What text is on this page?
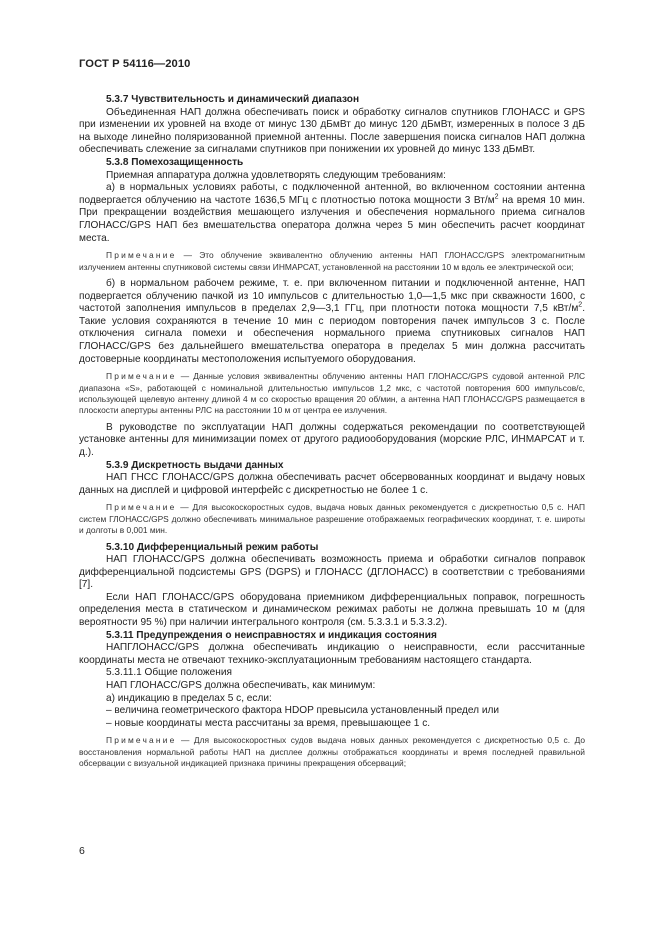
ГОСТ Р 54116—2010

5.3.7 Чувствительность и динамический диапазон

Объединенная НАП должна обеспечивать поиск и обработку сигналов спутников ГЛОНАСС и GPS при изменении их уровней на входе от минус 130 дБмВт до минус 120 дБмВт, измеренных в полосе 3 дБ на выходе линейно поляризованной приемной антенны. После завершения поиска сигналов НАП должна обеспечивать слежение за сигналами спутников при понижении их уровней до минус 133 дБмВт.

5.3.8 Помехозащищенность

Приемная аппаратура должна удовлетворять следующим требованиям:

а) в нормальных условиях работы, с подключенной антенной, во включенном состоянии антенна подвергается облучению на частоте 1636,5 МГц с плотностью потока мощности 3 $Вт/м^2$ на время 10 мин. При прекращении воздействия мешающего излучения и обеспечения нормального приема сигналов ГЛОНАСС/GPS НАП без вмешательства оператора должна через 5 мин обеспечить расчет координат места.

Примечание — Это облучение эквивалентно облучению антенны НАП ГЛОНАСС/GPS электромагнитным излучением антенны спутниковой системы связи ИНМАРСАТ, установленной на расстоянии 10 м вдоль ее электрической оси;

б) в нормальном рабочем режиме, т. е. при включенном питании и подключенной антенне, НАП подвергается облучению пачкой из 10 импульсов с длительностью 1,0—1,5 мкс при скважности 1600, с частотой заполнения импульсов в пределах 2,9—3,1 ГГц, при плотности потока мощности 7,5 кВт/$м^2$. Такие условия сохраняются в течение 10 мин с периодом повторения пачек импульсов 3 с. После отключения сигнала помехи и обеспечения нормального приема спутниковых сигналов НАП ГЛОНАСС/GPS без дальнейшего вмешательства оператора в пределах 5 мин должна рассчитать достоверные координаты местоположения испытуемого оборудования.

Примечание — Данные условия эквивалентны облучению антенны НАП ГЛОНАСС/GPS судовой антенной РЛС диапазона «S», работающей с номинальной длительностью импульсов 1,2 мкс, с частотой повторения 600 импульсов/с, использующей щелевую антенну длиной 4 м со скоростью вращения 20 об/мин, а антенна НАП ГЛОНАСС/GPS размещается в плоскости апертуры антенны РЛС на расстоянии 10 м от центра ее излучения.

В руководстве по эксплуатации НАП должны содержаться рекомендации по соответствующей установке антенны для минимизации помех от другого радиооборудования (морские РЛС, ИНМАРСАТ и т. д.).

5.3.9 Дискретность выдачи данных

НАП ГНСС ГЛОНАСС/GPS должна обеспечивать расчет обсервованных координат и выдачу новых данных на дисплей и цифровой интерфейс с дискретностью не более 1 с.

Примечание — Для высокоскоростных судов, выдача новых данных рекомендуется с дискретностью 0,5 с. НАП систем ГЛОНАСС/GPS должно обеспечивать минимальное разрешение отображаемых географических координат, т. е. широты и долготы в 0,001 мин.

5.3.10 Дифференциальный режим работы

НАП ГЛОНАСС/GPS должна обеспечивать возможность приема и обработки сигналов поправок дифференциальной подсистемы GPS (DGPS) и ГЛОНАСС (ДГЛОНАСС) в соответствии с требованиями [7].

Если НАП ГЛОНАСС/GPS оборудована приемником дифференциальных поправок, погрешность определения места в статическом и динамическом режимах работы не должна превышать 10 м (для вероятности 95 %) при наличии интегрального контроля (см. 5.3.3.1 и 5.3.3.2).

5.3.11 Предупреждения о неисправностях и индикация состояния

НАПГЛОНАСС/GPS должна обеспечивать индикацию о неисправности, если рассчитанные координаты места не отвечают технико-эксплуатационным требованиям настоящего стандарта.

5.3.11.1 Общие положения

НАП ГЛОНАСС/GPS должна обеспечивать, как минимум:

а) индикацию в пределах 5 с, если:

– величина геометрического фактора HDOP превысила установленный предел или

– новые координаты места рассчитаны за время, превышающее 1 с.

Примечание — Для высокоскоростных судов выдача новых данных рекомендуется с дискретностью 0,5 с. До восстановления нормальной работы НАП на дисплее должны отображаться координаты и время последней правильной обсервации с визуальной индикацией признака причины прекращения обсерваций;

6
